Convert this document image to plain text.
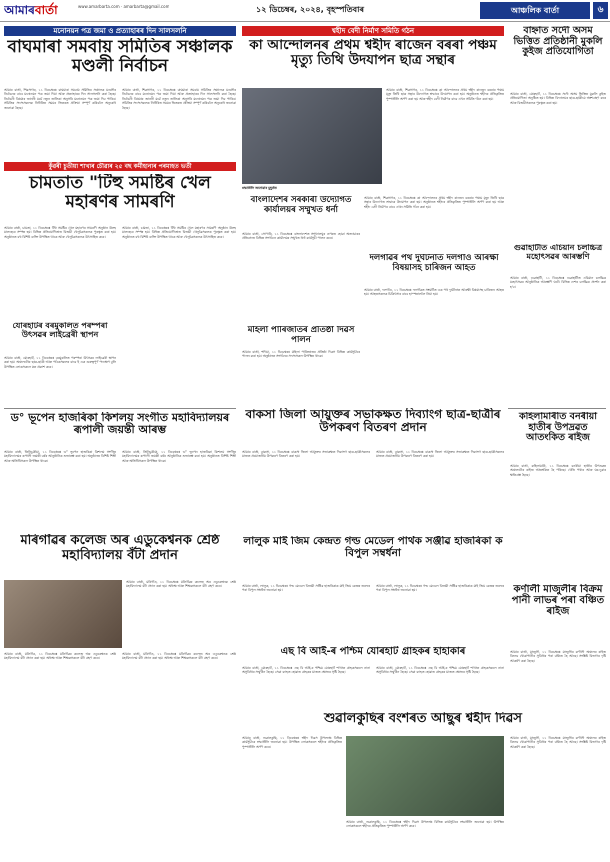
আমাৰবাৰ্তা	www.amarbarta.com · amarbarta@gmail.com	১২ ডিচেম্বৰ, ২০২৪, বৃহস্পতিবাৰ	আঞ্চলিক বাৰ্তা	৬
মনোনয়ন পত্ৰ জমা ও প্ৰত্যাহাৰৰ দিন সালসলনি
বাঘমাৰা সমবায় সমিতিৰ সঞ্চালক মণ্ডলী নিৰ্বাচন
আমাৰ বাৰ্তা, শিৱসাগৰ, ১১ ডিচেম্বৰঃ বাঘমাৰা সমবায় সমিতিৰ সঞ্চালক মণ্ডলীৰ নিৰ্বাচনৰ বাবে মনোনয়ন পত্ৰ জমা দিয়া আৰু প্ৰত্যাহাৰৰ দিন সালসলনি কৰা হৈছে। নিৰ্বাচনী বিষয়াৰ জাননী মৰ্মে নতুন তালিকা অনুসৰি মনোনয়ন পত্ৰ জমা দিব পাৰিব। সমিতিৰ সদস্যসকলক নিৰ্ধাৰিত সময়ৰ ভিতৰত প্ৰক্ৰিয়া সম্পূৰ্ণ কৰিবলৈ অনুৰোধ জনোৱা হৈছে।
আমাৰ বাৰ্তা, শিৱসাগৰ, ১১ ডিচেম্বৰঃ বাঘমাৰা সমবায় সমিতিৰ সঞ্চালক মণ্ডলীৰ নিৰ্বাচনৰ বাবে মনোনয়ন পত্ৰ জমা দিয়া আৰু প্ৰত্যাহাৰৰ দিন সালসলনি কৰা হৈছে। নিৰ্বাচনী বিষয়াৰ জাননী মৰ্মে নতুন তালিকা অনুসৰি মনোনয়ন পত্ৰ জমা দিব পাৰিব। সমিতিৰ সদস্যসকলক নিৰ্ধাৰিত সময়ৰ ভিতৰত প্ৰক্ৰিয়া সম্পূৰ্ণ কৰিবলৈ অনুৰোধ জনোৱা হৈছে।
কুঁৱৰী চুতীয়া শাখাৰ চৌৱাৰ ২৫ বছ কৰ্মীহানাৰ পৰমাহত ভৰ্তী
চামতাত "টিহু সমষ্টিৰ খেল মহাৰণৰ সামৰণি
আমাৰ বাৰ্তা, চামতা, ১১ ডিচেম্বৰঃ টিহু সমষ্টিৰ খেল মহাৰণৰ সামৰণি অনুষ্ঠান উলহ মালহেৰে সম্পন্ন হয়। বিভিন্ন প্ৰতিযোগিতাত বিজয়ী খেলুৱৈসকলক পুৰস্কৃত কৰা হয়। অনুষ্ঠানত বহু বিশিষ্ট ব্যক্তি উপস্থিত থাকে আৰু খেলুৱৈসকলক উৎসাহিত কৰে।
আমাৰ বাৰ্তা, চামতা, ১১ ডিচেম্বৰঃ টিহু সমষ্টিৰ খেল মহাৰণৰ সামৰণি অনুষ্ঠান উলহ মালহেৰে সম্পন্ন হয়। বিভিন্ন প্ৰতিযোগিতাত বিজয়ী খেলুৱৈসকলক পুৰস্কৃত কৰা হয়। অনুষ্ঠানত বহু বিশিষ্ট ব্যক্তি উপস্থিত থাকে আৰু খেলুৱৈসকলক উৎসাহিত কৰে।
যোৰহাটৰ বৰমুকলিত পৰম্পৰা উৎসৱৰ লাইব্ৰেৰী স্থাপন
আমাৰ বাৰ্তা, যোৰহাট, ১১ ডিচেম্বৰঃ বৰমুকলিত পৰম্পৰা উৎসৱৰ লাইব্ৰেৰী স্থাপন কৰা হয়। অঞ্চলটোৰ ছাত্ৰ-ছাত্ৰী আৰু পাঠকসকলৰ বাবে ই এক গুৰুত্বপূৰ্ণ পদক্ষেপ বুলি উপস্থিত লোকসকলে মত প্ৰকাশ কৰে।
ড° ভূপেন হাজৰিকা কিশলয় সংগীত মহাবিদ্যালয়ৰ ৰূপালী জয়ন্তী আৰম্ভ
আমাৰ বাৰ্তা, তিনিচুকীয়া, ১১ ডিচেম্বৰঃ ড° ভূপেন হাজৰিকা কিশলয় সংগীত মহাবিদ্যালয়ৰ ৰূপালী জয়ন্তী বৰ্ষৰ আনুষ্ঠানিক শুভাৰম্ভ কৰা হয়। অনুষ্ঠানত বিশিষ্ট শিল্পী আৰু অতিথিসকল উপস্থিত থাকে।
আমাৰ বাৰ্তা, তিনিচুকীয়া, ১১ ডিচেম্বৰঃ ড° ভূপেন হাজৰিকা কিশলয় সংগীত মহাবিদ্যালয়ৰ ৰূপালী জয়ন্তী বৰ্ষৰ আনুষ্ঠানিক শুভাৰম্ভ কৰা হয়। অনুষ্ঠানত বিশিষ্ট শিল্পী আৰু অতিথিসকল উপস্থিত থাকে।
মৰিগাঁৱৰ কলেজ অৰ এডুকেশ্বনক শ্ৰেষ্ঠ মহাবিদ্যালয় বঁটা প্ৰদান
আমাৰ বাৰ্তা, মৰিগাঁও, ১১ ডিচেম্বৰঃ মৰিগাঁৱৰ কলেজ অৰ এডুকেশ্বনক শ্ৰেষ্ঠ মহাবিদ্যালয় বঁটা প্ৰদান কৰা হয়। অধ্যক্ষ আৰু শিক্ষকসকলে বঁটা গ্ৰহণ কৰে।
আমাৰ বাৰ্তা, মৰিগাঁও, ১১ ডিচেম্বৰঃ মৰিগাঁৱৰ কলেজ অৰ এডুকেশ্বনক শ্ৰেষ্ঠ মহাবিদ্যালয় বঁটা প্ৰদান কৰা হয়। অধ্যক্ষ আৰু শিক্ষকসকলে বঁটা গ্ৰহণ কৰে।
আমাৰ বাৰ্তা, মৰিগাঁও, ১১ ডিচেম্বৰঃ মৰিগাঁৱৰ কলেজ অৰ এডুকেশ্বনক শ্ৰেষ্ঠ মহাবিদ্যালয় বঁটা প্ৰদান কৰা হয়। অধ্যক্ষ আৰু শিক্ষকসকলে বঁটা গ্ৰহণ কৰে।
শ্বহীদ বেদী নিৰ্মাণ সমিতি গঠন
কা আন্দোলনৰ প্ৰথম শ্বহীদ ৰাজেন বৰৰা পঞ্চম মৃত্যু তিথি উদযাপন ছাত্ৰ সন্থাৰ
শ্ৰদ্ধাঞ্জলি জনোৱাৰ মুহূৰ্তত
আমাৰ বাৰ্তা, শিৱসাগৰ, ১১ ডিচেম্বৰঃ কা আন্দোলনৰ প্ৰথম শ্বহীদ ৰাজেন বৰৰাৰ পঞ্চম মৃত্যু তিথি ছাত্ৰ সন্থাৰ উদ্যোগত শ্ৰদ্ধাৰে উদযাপন কৰা হয়। অনুষ্ঠানত শ্বহীদৰ প্ৰতিকৃতিত পুষ্পাঞ্জলি অৰ্পণ কৰা হয় আৰু শ্বহীদ বেদী নিৰ্মাণৰ বাবে এখন সমিতি গঠন কৰা হয়।
বাংলাদেশৰ সৰকাৰী উদ্যোগত কাৰ্যালয়ৰ সম্মুখত ধৰ্না
আমাৰ বাৰ্তা, সোণাৰি, ১১ ডিচেম্বৰঃ বাংলাদেশত সংখ্যালঘুৰ ওপৰত হোৱা অত্যাচাৰৰ প্ৰতিবাদত বিভিন্ন সংগঠনে কাৰ্যালয়ৰ সম্মুখত ধৰ্না কাৰ্যসূচী পালন কৰে।
মহিলা পাৰিজাতৰ প্ৰতিষ্ঠা দিৱস পালন
আমাৰ বাৰ্তা, শদিয়া, ১১ ডিচেম্বৰঃ মহিলা পাৰিজাতৰ প্ৰতিষ্ঠা দিৱস বিভিন্ন কাৰ্যসূচীৰে পালন কৰা হয়। অনুষ্ঠানত সংগঠনৰ সদস্যসকল উপস্থিত থাকে।
আমাৰ বাৰ্তা, শিৱসাগৰ, ১১ ডিচেম্বৰঃ কা আন্দোলনৰ প্ৰথম শ্বহীদ ৰাজেন বৰৰাৰ পঞ্চম মৃত্যু তিথি ছাত্ৰ সন্থাৰ উদ্যোগত শ্ৰদ্ধাৰে উদযাপন কৰা হয়। অনুষ্ঠানত শ্বহীদৰ প্ৰতিকৃতিত পুষ্পাঞ্জলি অৰ্পণ কৰা হয় আৰু শ্বহীদ বেদী নিৰ্মাণৰ বাবে এখন সমিতি গঠন কৰা হয়।
দলগাঁৱৰ পথ দুৰ্ঘটনাত দলগাঁও আৰক্ষী বিষয়াসহ চাৰিজন আহত
আমাৰ বাৰ্তা, দলগাঁও, ১১ ডিচেম্বৰঃ দলগাঁৱত সংঘটিত এক পথ দুৰ্ঘটনাত আৰক্ষী বিষয়াসহ চাৰিজন আহত হয়। আহতসকলক চিকিৎসাৰ বাবে হাস্পতাললৈ নিয়া হয়।
বাকসা জিলা আয়ুক্তৰ সভাকক্ষত দিব্যাংগ ছাত্ৰ-ছাত্ৰীৰ উপকৰণ বিতৰণ প্ৰদান
আমাৰ বাৰ্তা, বাকসা, ১১ ডিচেম্বৰঃ বাকসা জিলা আয়ুক্তৰ সভাকক্ষত দিব্যাংগ ছাত্ৰ-ছাত্ৰীসকলৰ মাজত প্ৰয়োজনীয় উপকৰণ বিতৰণ কৰা হয়।
আমাৰ বাৰ্তা, বাকসা, ১১ ডিচেম্বৰঃ বাকসা জিলা আয়ুক্তৰ সভাকক্ষত দিব্যাংগ ছাত্ৰ-ছাত্ৰীসকলৰ মাজত প্ৰয়োজনীয় উপকৰণ বিতৰণ কৰা হয়।
লালুক মাই জিম কেন্দ্ৰত গল্ড মেডেল পাৰ্থক সঞ্জীৱ হাজৰিকা ক বিপুল সম্বৰ্ধনা
আমাৰ বাৰ্তা, লালুক, ১১ ডিচেম্বৰঃ গল্ড মেডেল বিজয়ী সঞ্জীৱ হাজৰিকাক মাই জিম কেন্দ্ৰৰ তৰফৰ পৰা বিপুল সম্বৰ্ধনা জনোৱা হয়।
আমাৰ বাৰ্তা, লালুক, ১১ ডিচেম্বৰঃ গল্ড মেডেল বিজয়ী সঞ্জীৱ হাজৰিকাক মাই জিম কেন্দ্ৰৰ তৰফৰ পৰা বিপুল সম্বৰ্ধনা জনোৱা হয়।
এছ বি আই-ৰ পশ্চিম যোৰহাট গ্ৰাহকৰ হাহাকাৰ
আমাৰ বাৰ্তা, যোৰহাট, ১১ ডিচেম্বৰঃ এছ বি আই-ৰ পশ্চিম যোৰহাট শাখাত গ্ৰাহকসকলে নানা অসুবিধাৰ সন্মুখীন হৈছে। সেৱা ব্যাহত হোৱাত গ্ৰাহকৰ মাজত ক্ষোভৰ সৃষ্টি হৈছে।
আমাৰ বাৰ্তা, যোৰহাট, ১১ ডিচেম্বৰঃ এছ বি আই-ৰ পশ্চিম যোৰহাট শাখাত গ্ৰাহকসকলে নানা অসুবিধাৰ সন্মুখীন হৈছে। সেৱা ব্যাহত হোৱাত গ্ৰাহকৰ মাজত ক্ষোভৰ সৃষ্টি হৈছে।
শুৱালকুছিৰ বংশৰত আছুৰ শ্বহীদ দিৱস
আমাৰ বাৰ্তা, শুৱালকুছি, ১১ ডিচেম্বৰঃ শ্বহীদ দিৱস উপলক্ষে বিভিন্ন কাৰ্যসূচীৰে শ্ৰদ্ধাঞ্জলি জনোৱা হয়। উপস্থিত লোকসকলে শ্বহীদৰ প্ৰতিকৃতিত পুষ্পাঞ্জলি অৰ্পণ কৰে।
আমাৰ বাৰ্তা, শুৱালকুছি, ১১ ডিচেম্বৰঃ শ্বহীদ দিৱস উপলক্ষে বিভিন্ন কাৰ্যসূচীৰে শ্ৰদ্ধাঞ্জলি জনোৱা হয়। উপস্থিত লোকসকলে শ্বহীদৰ প্ৰতিকৃতিত পুষ্পাঞ্জলি অৰ্পণ কৰে।
বাহ্নাত সদৌ অসম ভিত্তিত প্ৰতিষ্ঠানী মুকলি কুইজ প্ৰতিযোগিতা
আমাৰ বাৰ্তা, যোৰহাট, ১১ ডিচেম্বৰঃ সদৌ অসম ভিত্তিত মুকলি কুইজ প্ৰতিযোগিতা অনুষ্ঠিত হয়। বিভিন্ন বিদ্যালয়ৰ ছাত্ৰ-ছাত্ৰীয়ে অংশগ্ৰহণ কৰে আৰু বিজয়ীসকলক পুৰস্কৃত কৰা হয়।
গুৱাহাটীত এচিয়ান চলচ্চিত্ৰ মহোৎসৱৰ আৰম্ভণি
আমাৰ বাৰ্তা, গুৱাহাটী, ১১ ডিচেম্বৰঃ গুৱাহাটীত এচিয়ান চলচ্চিত্ৰ মহোৎসৱৰ আনুষ্ঠানিক আৰম্ভণি ঘটে। বিভিন্ন দেশৰ চলচ্চিত্ৰ প্ৰদৰ্শন কৰা হ'ব।
কহিলামাৰীত বনৰীয়া হাতীৰ উপদ্ৰৱত আতংকিত ৰাইজ
আমাৰ বাৰ্তা, কহিলামাৰী, ১১ ডিচেম্বৰঃ বনৰীয়া হাতীৰ উপদ্ৰৱত অঞ্চলটোৰ ৰাইজ আতংকিত হৈ পৰিছে। খেতি পথাৰ আৰু ঘৰ-দুৱাৰ ক্ষতিগ্ৰস্ত হৈছে।
কৰ্ণালী মাজুলীৰ বিক্ৰম পানী লাভৰ পৰা বঞ্চিত ৰাইজ
আমাৰ বাৰ্তা, মাজুলী, ১১ ডিচেম্বৰঃ মাজুলীৰ কৰ্ণালী অঞ্চলৰ ৰাইজ বিশুদ্ধ খোৱাপানীৰ সুবিধাৰ পৰা বঞ্চিত হৈ আছে। সংশ্লিষ্ট বিভাগৰ দৃষ্টি আকৰ্ষণ কৰা হৈছে।
আমাৰ বাৰ্তা, মাজুলী, ১১ ডিচেম্বৰঃ মাজুলীৰ কৰ্ণালী অঞ্চলৰ ৰাইজ বিশুদ্ধ খোৱাপানীৰ সুবিধাৰ পৰা বঞ্চিত হৈ আছে। সংশ্লিষ্ট বিভাগৰ দৃষ্টি আকৰ্ষণ কৰা হৈছে।
